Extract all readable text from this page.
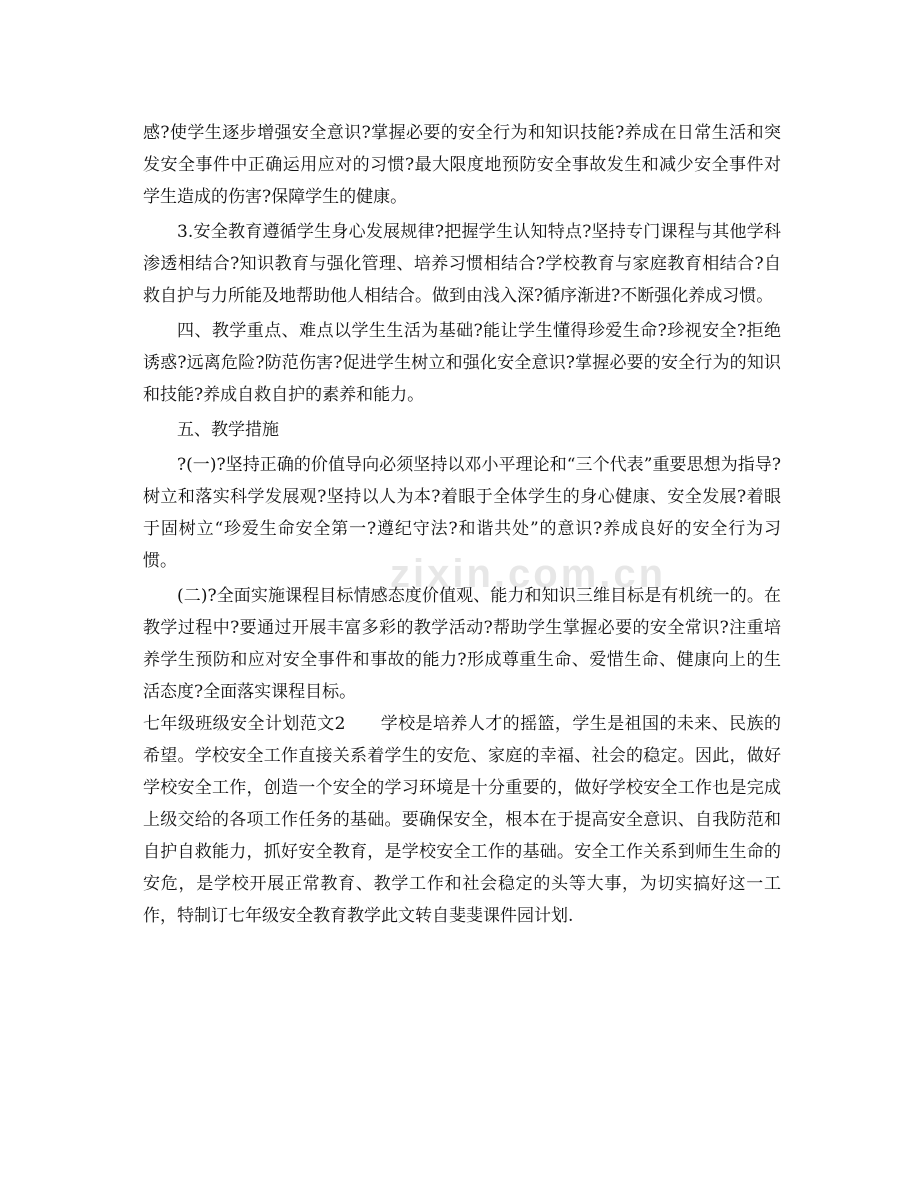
感?使学生逐步增强安全意识?掌握必要的安全行为和知识技能?养成在日常生活和突发安全事件中正确运用应对的习惯?最大限度地预防安全事故发生和减少安全事件对学生造成的伤害?保障学生的健康。

3.安全教育遵循学生身心发展规律?把握学生认知特点?坚持专门课程与其他学科渗透相结合?知识教育与强化管理、培养习惯相结合?学校教育与家庭教育相结合?自救自护与力所能及地帮助他人相结合。做到由浅入深?循序渐进?不断强化养成习惯。

四、教学重点、难点以学生生活为基础?能让学生懂得珍爱生命?珍视安全?拒绝诱惑?远离危险?防范伤害?促进学生树立和强化安全意识?掌握必要的安全行为的知识和技能?养成自救自护的素养和能力。

五、教学措施

?(一)?坚持正确的价值导向必须坚持以邓小平理论和“三个代表”重要思想为指导?树立和落实科学发展观?坚持以人为本?着眼于全体学生的身心健康、安全发展?着眼于固树立“珍爱生命安全第一?遵纪守法?和谐共处”的意识?养成良好的安全行为习惯。

(二)?全面实施课程目标情感态度价值观、能力和知识三维目标是有机统一的。在教学过程中?要通过开展丰富多彩的教学活动?帮助学生掌握必要的安全常识?注重培养学生预防和应对安全事件和事故的能力?形成尊重生命、爱惜生命、健康向上的生活态度?全面落实课程目标。

七年级班级安全计划范文2　　学校是培养人才的摇篮，学生是祖国的未来、民族的希望。学校安全工作直接关系着学生的安危、家庭的幸福、社会的稳定。因此，做好学校安全工作，创造一个安全的学习环境是十分重要的，做好学校安全工作也是完成上级交给的各项工作任务的基础。要确保安全，根本在于提高安全意识、自我防范和自护自救能力，抓好安全教育，是学校安全工作的基础。安全工作关系到师生生命的安危，是学校开展正常教育、教学工作和社会稳定的头等大事，为切实搞好这一工作，特制订七年级安全教育教学此文转自斐斐课件园计划.

zixin.com.cn
